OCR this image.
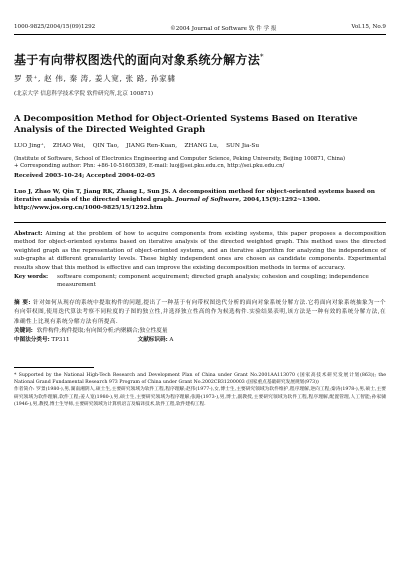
1000-9825/2004/15(09)1292	©2004 Journal of Software 软 件 学 报	Vol.15, No.9
基于有向带权图迭代的面向对象系统分解方法*
罗 景⁺, 赵 伟, 秦 涛, 姜人宽, 张 路, 孙家骕
(北京大学 信息科学技术学院 软件研究所,北京 100871)
A Decomposition Method for Object-Oriented Systems Based on Iterative Analysis of the Directed Weighted Graph
LUO Jing⁺,    ZHAO Wei,    QIN Tao,    JIANG Ren-Kuan,    ZHANG Lu,    SUN Jia-Su
(Institute of Software, School of Electronics Engineering and Computer Science, Peking University, Beijing 100871, China)
+ Corresponding author: Phn: +86-10-51605389, E-mail: luoj@sei.pku.edu.cn, http://sei.pku.edu.cn/
Received 2003-10-24; Accepted 2004-02-05
Luo J, Zhao W, Qin T, Jiang RK, Zhang L, Sun JS. A decomposition method for object-oriented systems based on iterative analysis of the directed weighted graph. Journal of Software, 2004,15(9):1292~1300.
http://www.jos.org.cn/1000-9825/15/1292.htm
Abstract: Aiming at the problem of how to acquire components from existing systems, this paper proposes a decomposition method for object-oriented systems based on iterative analysis of the directed weighted graph. This method uses the directed weighted graph as the representation of object-oriented systems, and an iterative algorithm for analyzing the independence of sub-graphs at different granularity levels. These highly independent ones are chosen as candidate components. Experimental results show that this method is effective and can improve the existing decomposition methods in terms of accuracy.
Key words:	software component; component acquirement; directed graph analysis; cohesion and coupling; independence measurement
摘 要: 针对如何从现存的系统中提取构件的问题,提出了一种基于有向带权图迭代分析的面向对象系统分解方法.它将面向对象系统抽象为一个有向带权图,使用迭代算法考察不同粒度的子图的独立性,并选择独立性高的作为候选构件.实验结果表明,该方法是一种有效的系统分解方法,在准确性上比现有系统分解方法有所提高.
关键词: 软件构件;构件提取;有向图分析;内聚耦合;独立性度量
中图法分类号: TP311	文献标识码: A

* Supported by the National High-Tech Research and Development Plan of China under Grant No.2001AA113070 (国家高技术研究发展计划(863)); the National Grand Fundamental Research 973 Program of China under Grant No.2002CB31200003 (国家重点基础研究发展规划(973))

作者简介: 罗景(1980-),男,湖南湘阴人,硕士生,主要研究领域为软件工程,程序理解;赵伟(1977-),女,博士生,主要研究领域为软件维护,程序理解,逆向工程;秦涛(1978-),男,硕士,主要研究领域为软件理解,软件工程;姜人宽(1980-),男,硕士生,主要研究领域为程序理解;张路(1973-),男,博士,副教授,主要研究领域为软件工程,程序理解,配置管理,人工智能;孙家骕(1946-),男,教授,博士生导师,主要研究领域为计算机语言及编译技术,软件工程,软件建构工程.
